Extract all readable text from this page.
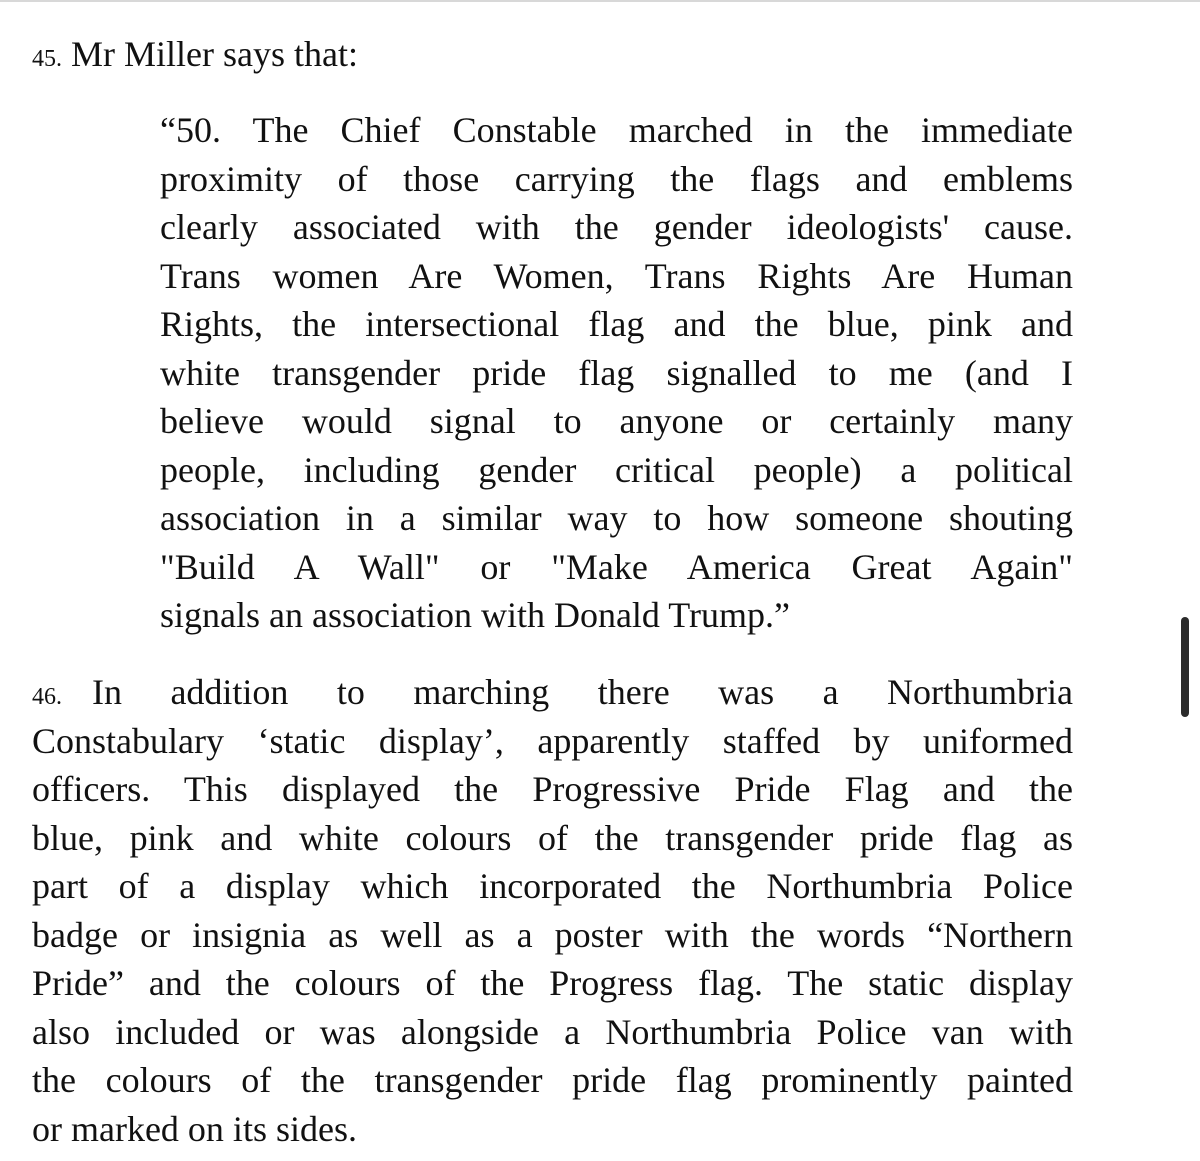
45. Mr Miller says that:
“50. The Chief Constable marched in the immediate
proximity of those carrying the flags and emblems
clearly associated with the gender ideologists' cause.
Trans women Are Women, Trans Rights Are Human
Rights, the intersectional flag and the blue, pink and
white transgender pride flag signalled to me (and I
believe would signal to anyone or certainly many
people, including gender critical people) a political
association in a similar way to how someone shouting
"Build A Wall" or "Make America Great Again"
signals an association with Donald Trump.”
46. In addition to marching there was a Northumbria
Constabulary ‘static display’, apparently staffed by uniformed
officers. This displayed the Progressive Pride Flag and the
blue, pink and white colours of the transgender pride flag as
part of a display which incorporated the Northumbria Police
badge or insignia as well as a poster with the words “Northern
Pride” and the colours of the Progress flag. The static display
also included or was alongside a Northumbria Police van with
the colours of the transgender pride flag prominently painted
or marked on its sides.
